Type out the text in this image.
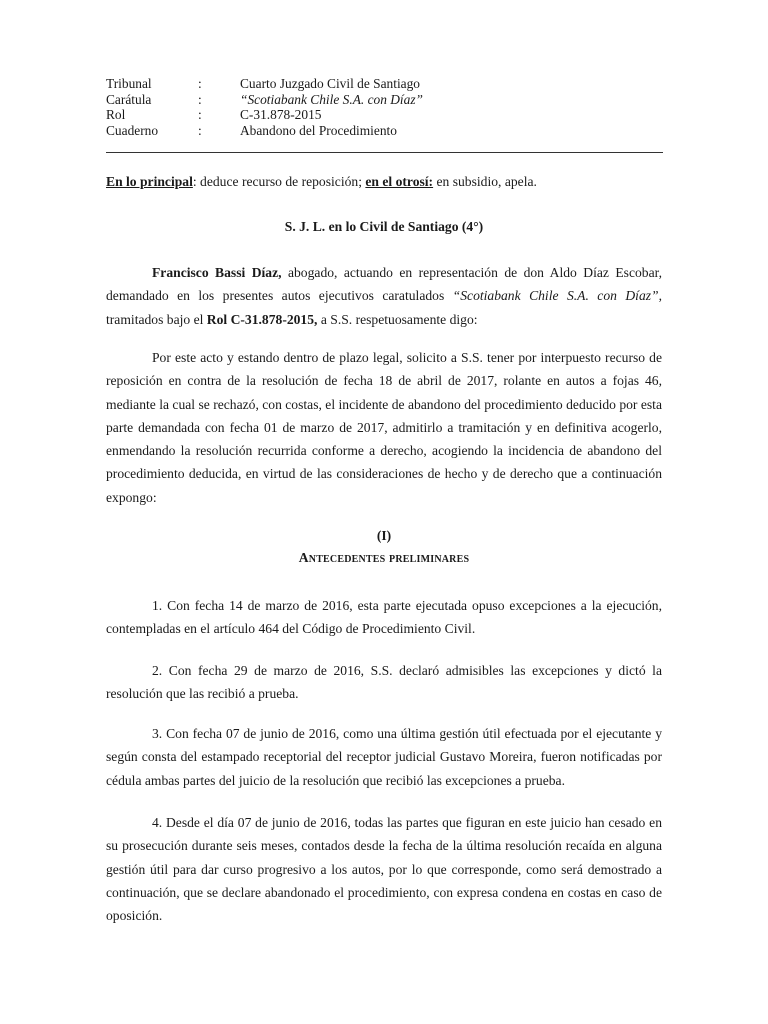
Tribunal	:	Cuarto Juzgado Civil de Santiago
Carátula	:	“Scotiabank Chile S.A. con Díaz”
Rol	:	C-31.878-2015
Cuaderno	:	Abandono del Procedimiento

En lo principal: deduce recurso de reposición; en el otrosí: en subsidio, apela.

S. J. L. en lo Civil de Santiago (4°)

Francisco Bassi Díaz, abogado, actuando en representación de don Aldo Díaz Escobar, demandado en los presentes autos ejecutivos caratulados “Scotiabank Chile S.A. con Díaz”, tramitados bajo el Rol C-31.878-2015, a S.S. respetuosamente digo:

Por este acto y estando dentro de plazo legal, solicito a S.S. tener por interpuesto recurso de reposición en contra de la resolución de fecha 18 de abril de 2017, rolante en autos a fojas 46, mediante la cual se rechazó, con costas, el incidente de abandono del procedimiento deducido por esta parte demandada con fecha 01 de marzo de 2017, admitirlo a tramitación y en definitiva acogerlo, enmendando la resolución recurrida conforme a derecho, acogiendo la incidencia de abandono del procedimiento deducida, en virtud de las consideraciones de hecho y de derecho que a continuación expongo:

(I)

Antecedentes preliminares

1. Con fecha 14 de marzo de 2016, esta parte ejecutada opuso excepciones a la ejecución, contempladas en el artículo 464 del Código de Procedimiento Civil.

2. Con fecha 29 de marzo de 2016, S.S. declaró admisibles las excepciones y dictó la resolución que las recibió a prueba.

3. Con fecha 07 de junio de 2016, como una última gestión útil efectuada por el ejecutante y según consta del estampado receptorial del receptor judicial Gustavo Moreira, fueron notificadas por cédula ambas partes del juicio de la resolución que recibió las excepciones a prueba.

4. Desde el día 07 de junio de 2016, todas las partes que figuran en este juicio han cesado en su prosecución durante seis meses, contados desde la fecha de la última resolución recaída en alguna gestión útil para dar curso progresivo a los autos, por lo que corresponde, como será demostrado a continuación, que se declare abandonado el procedimiento, con expresa condena en costas en caso de oposición.
